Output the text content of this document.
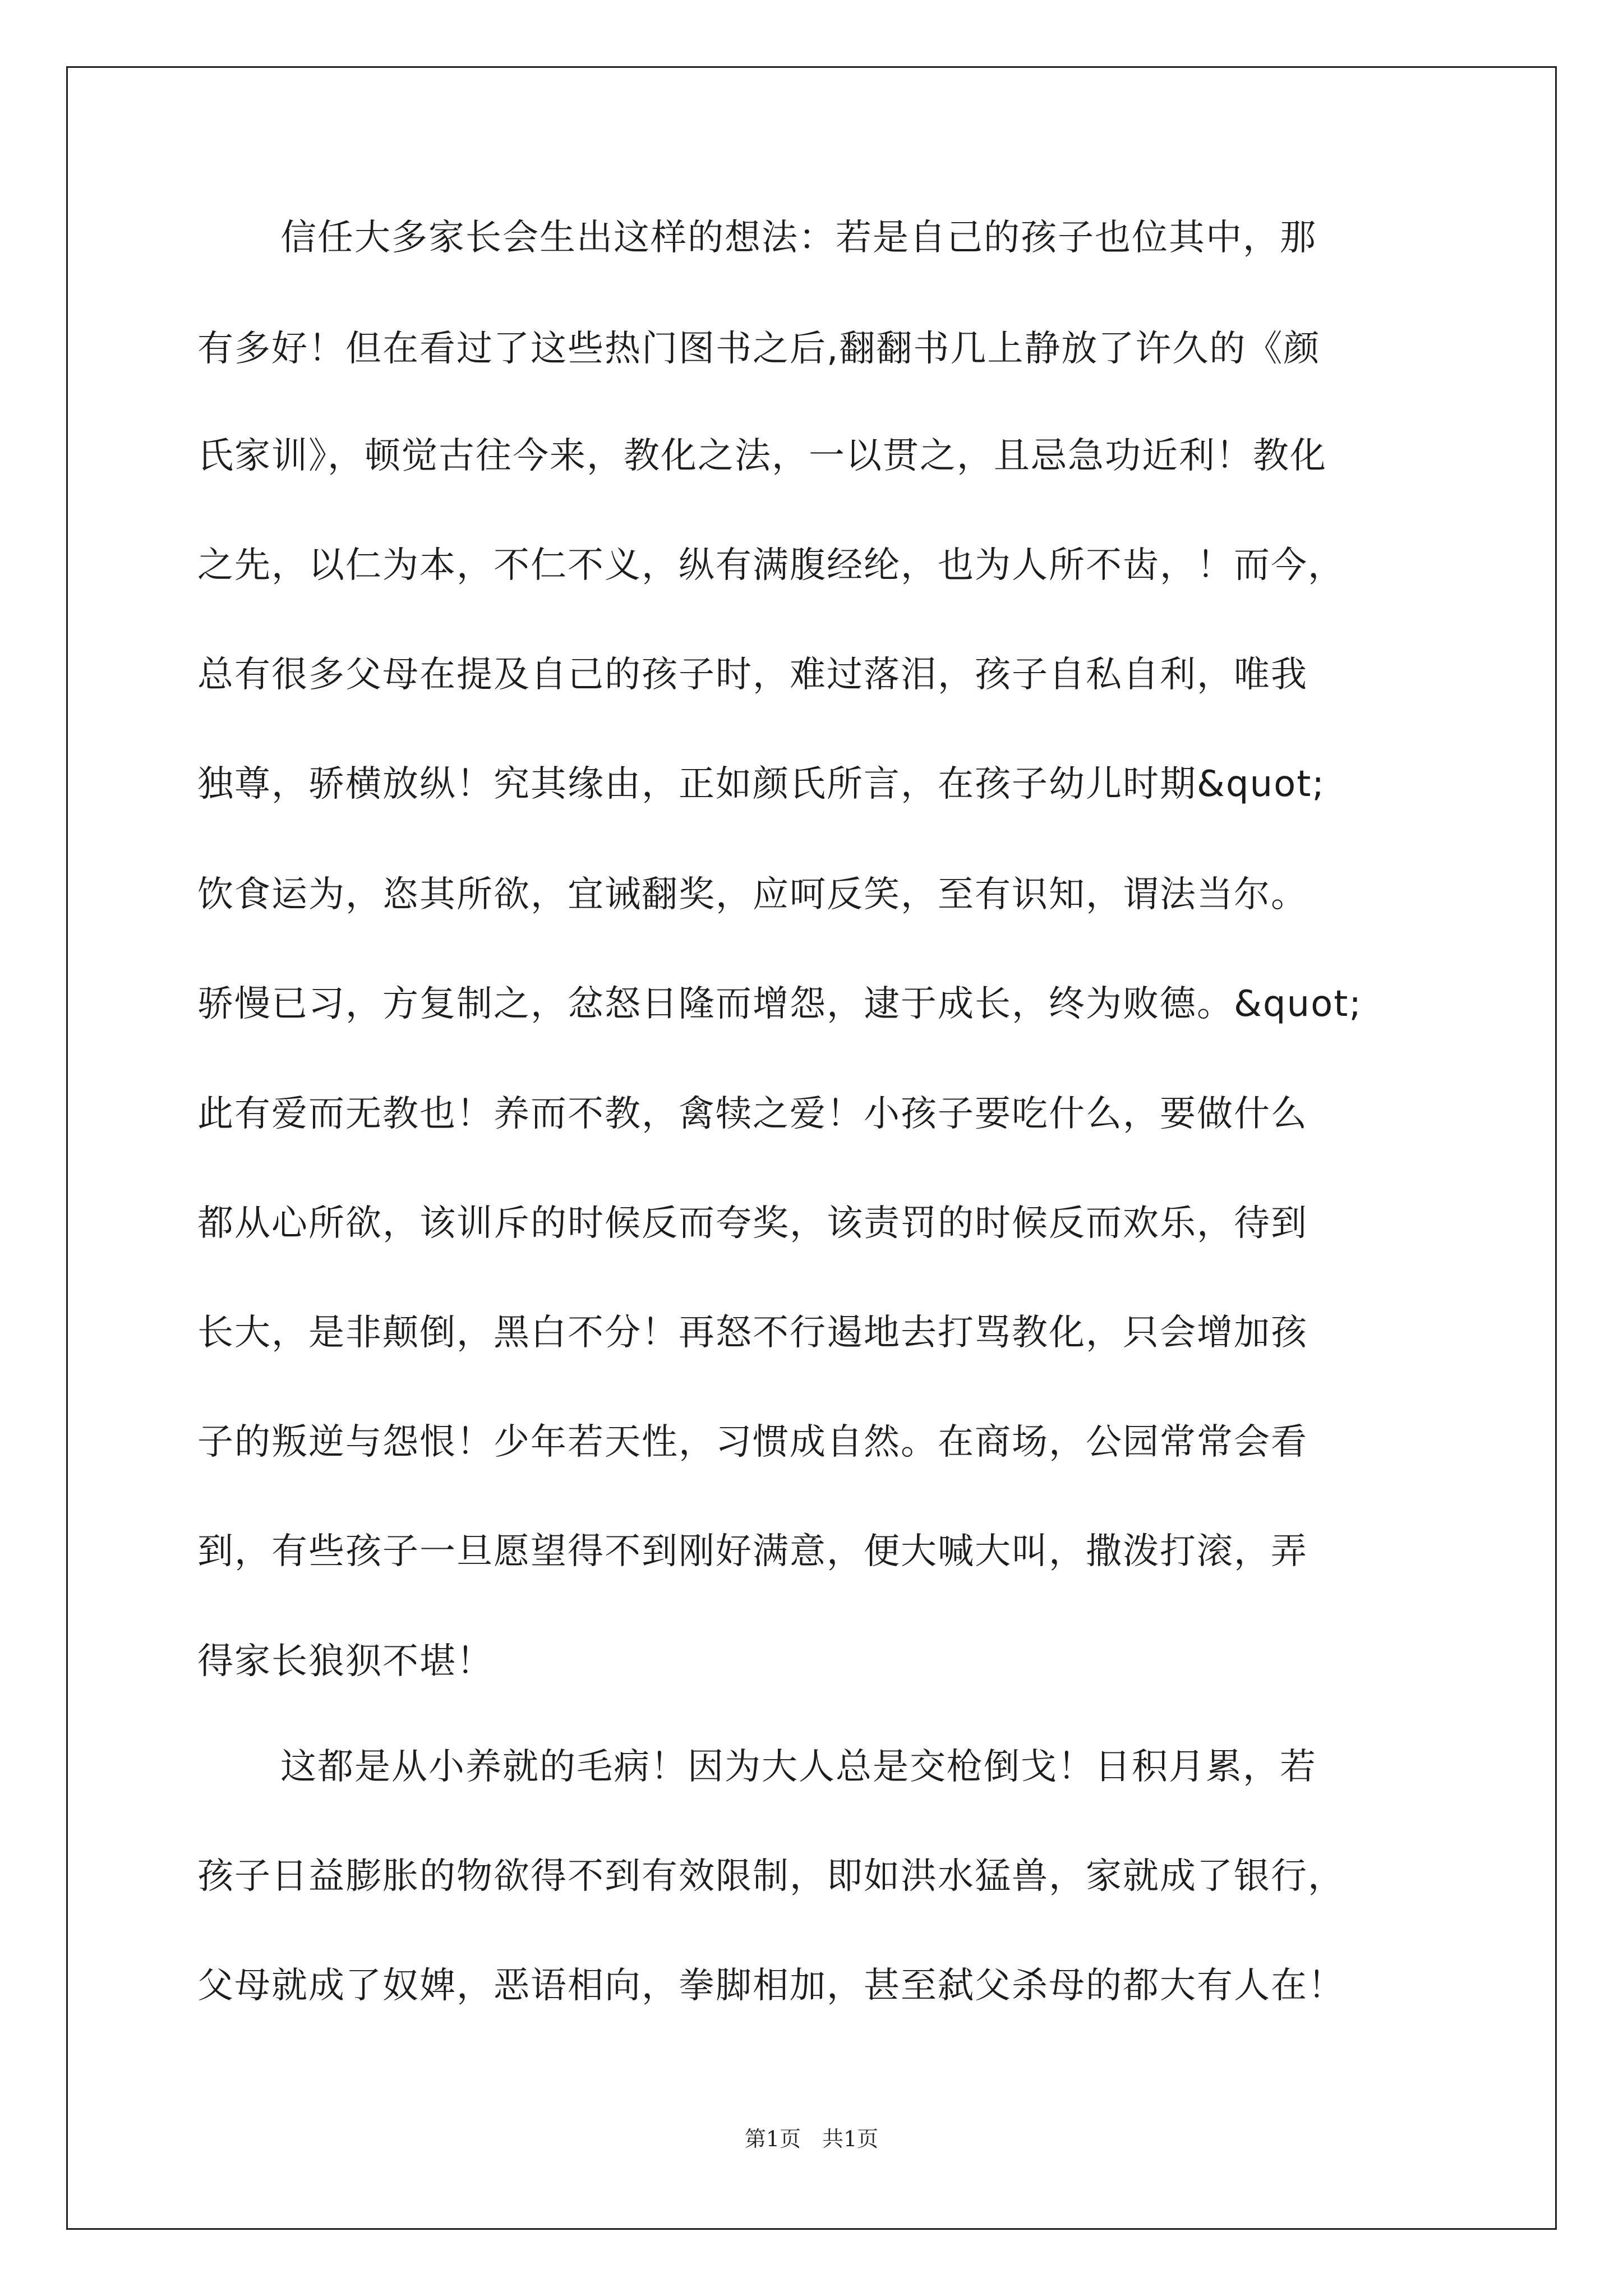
信任大多家长会生出这样的想法：若是自己的孩子也位其中，那
有多好！但在看过了这些热门图书之后,翻翻书几上静放了许久的《颜
氏家训》，顿觉古往今来，教化之法，一以贯之，且忌急功近利！教化
之先，以仁为本，不仁不义，纵有满腹经纶，也为人所不齿，！而今，
总有很多父母在提及自己的孩子时，难过落泪，孩子自私自利，唯我
独尊，骄横放纵！究其缘由，正如颜氏所言，在孩子幼儿时期&quot;
饮食运为，恣其所欲，宜诫翻奖，应呵反笑，至有识知，谓法当尔。
骄慢已习，方复制之，忿怒日隆而增怨，逮于成长，终为败德。&quot;
此有爱而无教也！养而不教，禽犊之爱！小孩子要吃什么，要做什么
都从心所欲，该训斥的时候反而夸奖，该责罚的时候反而欢乐，待到
长大，是非颠倒，黑白不分！再怒不行遏地去打骂教化，只会增加孩
子的叛逆与怨恨！少年若天性，习惯成自然。在商场，公园常常会看
到，有些孩子一旦愿望得不到刚好满意，便大喊大叫，撒泼打滚，弄
得家长狼狈不堪！
这都是从小养就的毛病！因为大人总是交枪倒戈！日积月累，若
孩子日益膨胀的物欲得不到有效限制，即如洪水猛兽，家就成了银行，
父母就成了奴婢，恶语相向，拳脚相加，甚至弑父杀母的都大有人在！
第1页　共1页
